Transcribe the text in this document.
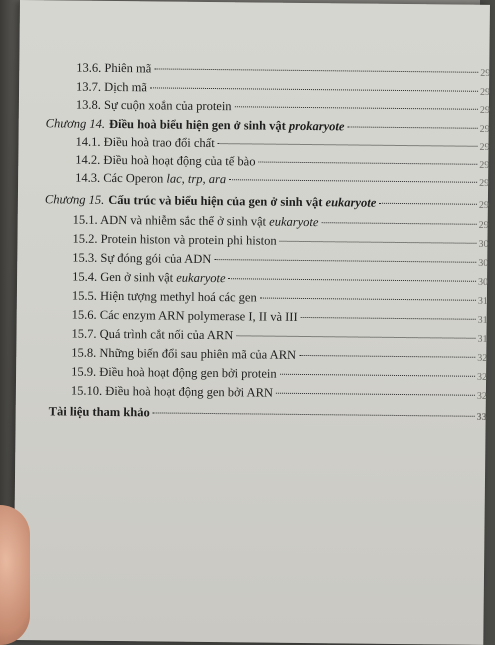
13.6. Phiên mã	29
13.7. Dịch mã	29
13.8. Sự cuộn xoắn của protein	29
Chương 14. Điều hoà biểu hiện gen ở sinh vật prokaryote	29
14.1. Điều hoà trao đổi chất	29
14.2. Điều hoà hoạt động của tế bào	29
14.3. Các Operon lac, trp, ara	29
Chương 15. Cấu trúc và biểu hiện của gen ở sinh vật eukaryote	29
15.1. ADN và nhiễm sắc thể ở sinh vật eukaryote	29
15.2. Protein histon và protein phi histon	30
15.3. Sự đóng gói của ADN	30
15.4. Gen ở sinh vật eukaryote	30
15.5. Hiện tượng methyl hoá các gen	31
15.6. Các enzym ARN polymerase I, II và III	31
15.7. Quá trình cắt nối của ARN	31
15.8. Những biến đổi sau phiên mã của ARN	32
15.9. Điều hoà hoạt động gen bởi protein	32
15.10. Điều hoà hoạt động gen bởi ARN	32
Tài liệu tham khảo	33
